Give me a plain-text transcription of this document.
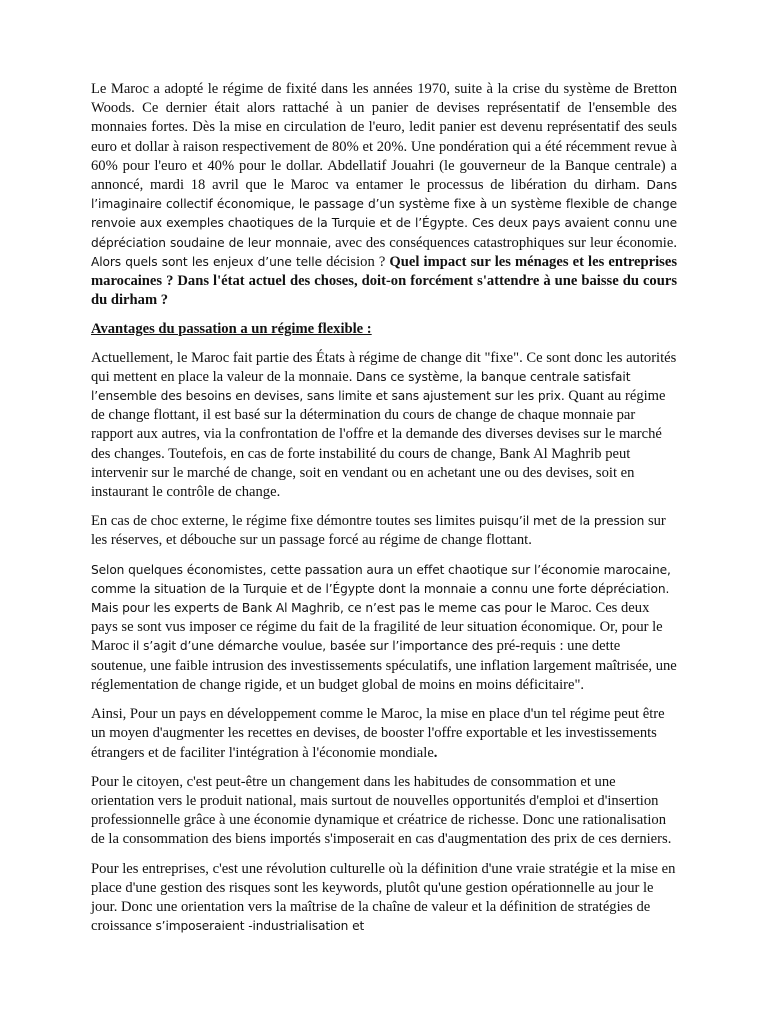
Le Maroc a adopté le régime de fixité dans les années 1970, suite à la crise du système de Bretton Woods. Ce dernier était alors rattaché à un panier de devises représentatif de l'ensemble des monnaies fortes. Dès la mise en circulation de l'euro, ledit panier est devenu représentatif des seuls euro et dollar à raison respectivement de 80% et 20%. Une pondération qui a été récemment revue à 60% pour l'euro et 40% pour le dollar. Abdellatif Jouahri (le gouverneur de la Banque centrale) a annoncé, mardi 18 avril que le Maroc va entamer le processus de libération du dirham. Dans l’imaginaire collectif économique, le passage d’un système fixe à un système flexible de change renvoie aux exemples chaotiques de la Turquie et de l’Égypte. Ces deux pays avaient connu une dépréciation soudaine de leur monnaie, avec des conséquences catastrophiques sur leur économie. Alors quels sont les enjeux d’une telle décision ? Quel impact sur les ménages et les entreprises marocaines ? Dans l'état actuel des choses, doit-on forcément s'attendre à une baisse du cours du dirham ?

Avantages du passation a un régime flexible :

Actuellement, le Maroc fait partie des États à régime de change dit "fixe". Ce sont donc les autorités qui mettent en place la valeur de la monnaie. Dans ce système, la banque centrale satisfait l’ensemble des besoins en devises, sans limite et sans ajustement sur les prix. Quant au régime de change flottant, il est basé sur la détermination du cours de change de chaque monnaie par rapport aux autres, via la confrontation de l'offre et la demande des diverses devises sur le marché des changes. Toutefois, en cas de forte instabilité du cours de change, Bank Al Maghrib peut intervenir sur le marché de change, soit en vendant ou en achetant une ou des devises, soit en instaurant le contrôle de change.

En cas de choc externe, le régime fixe démontre toutes ses limites puisqu’il met de la pression sur les réserves, et débouche sur un passage forcé au régime de change flottant.

Selon quelques économistes, cette passation aura un effet chaotique sur l’économie marocaine, comme la situation de la Turquie et de l’Égypte dont la monnaie a connu une forte dépréciation. Mais pour les experts de Bank Al Maghrib, ce n’est pas le meme cas pour le Maroc. Ces deux pays se sont vus imposer ce régime du fait de la fragilité de leur situation économique. Or, pour le Maroc il s’agit d’une démarche voulue, basée sur l’importance des pré-requis : une dette soutenue, une faible intrusion des investissements spéculatifs, une inflation largement maîtrisée, une réglementation de change rigide, et un budget global de moins en moins déficitaire".

Ainsi, Pour un pays en développement comme le Maroc, la mise en place d'un tel régime peut être un moyen d'augmenter les recettes en devises, de booster l'offre exportable et les investissements étrangers et de faciliter l'intégration à l'économie mondiale.

Pour le citoyen, c'est peut-être un changement dans les habitudes de consommation et une orientation vers le produit national, mais surtout de nouvelles opportunités d'emploi et d'insertion professionnelle grâce à une économie dynamique et créatrice de richesse. Donc une rationalisation de la consommation des biens importés s'imposerait en cas d'augmentation des prix de ces derniers.

Pour les entreprises, c'est une révolution culturelle où la définition d'une vraie stratégie et la mise en place d'une gestion des risques sont les keywords, plutôt qu'une gestion opérationnelle au jour le jour. Donc une orientation vers la maîtrise de la chaîne de valeur et la définition de stratégies de croissance s’imposeraient -industrialisation et
